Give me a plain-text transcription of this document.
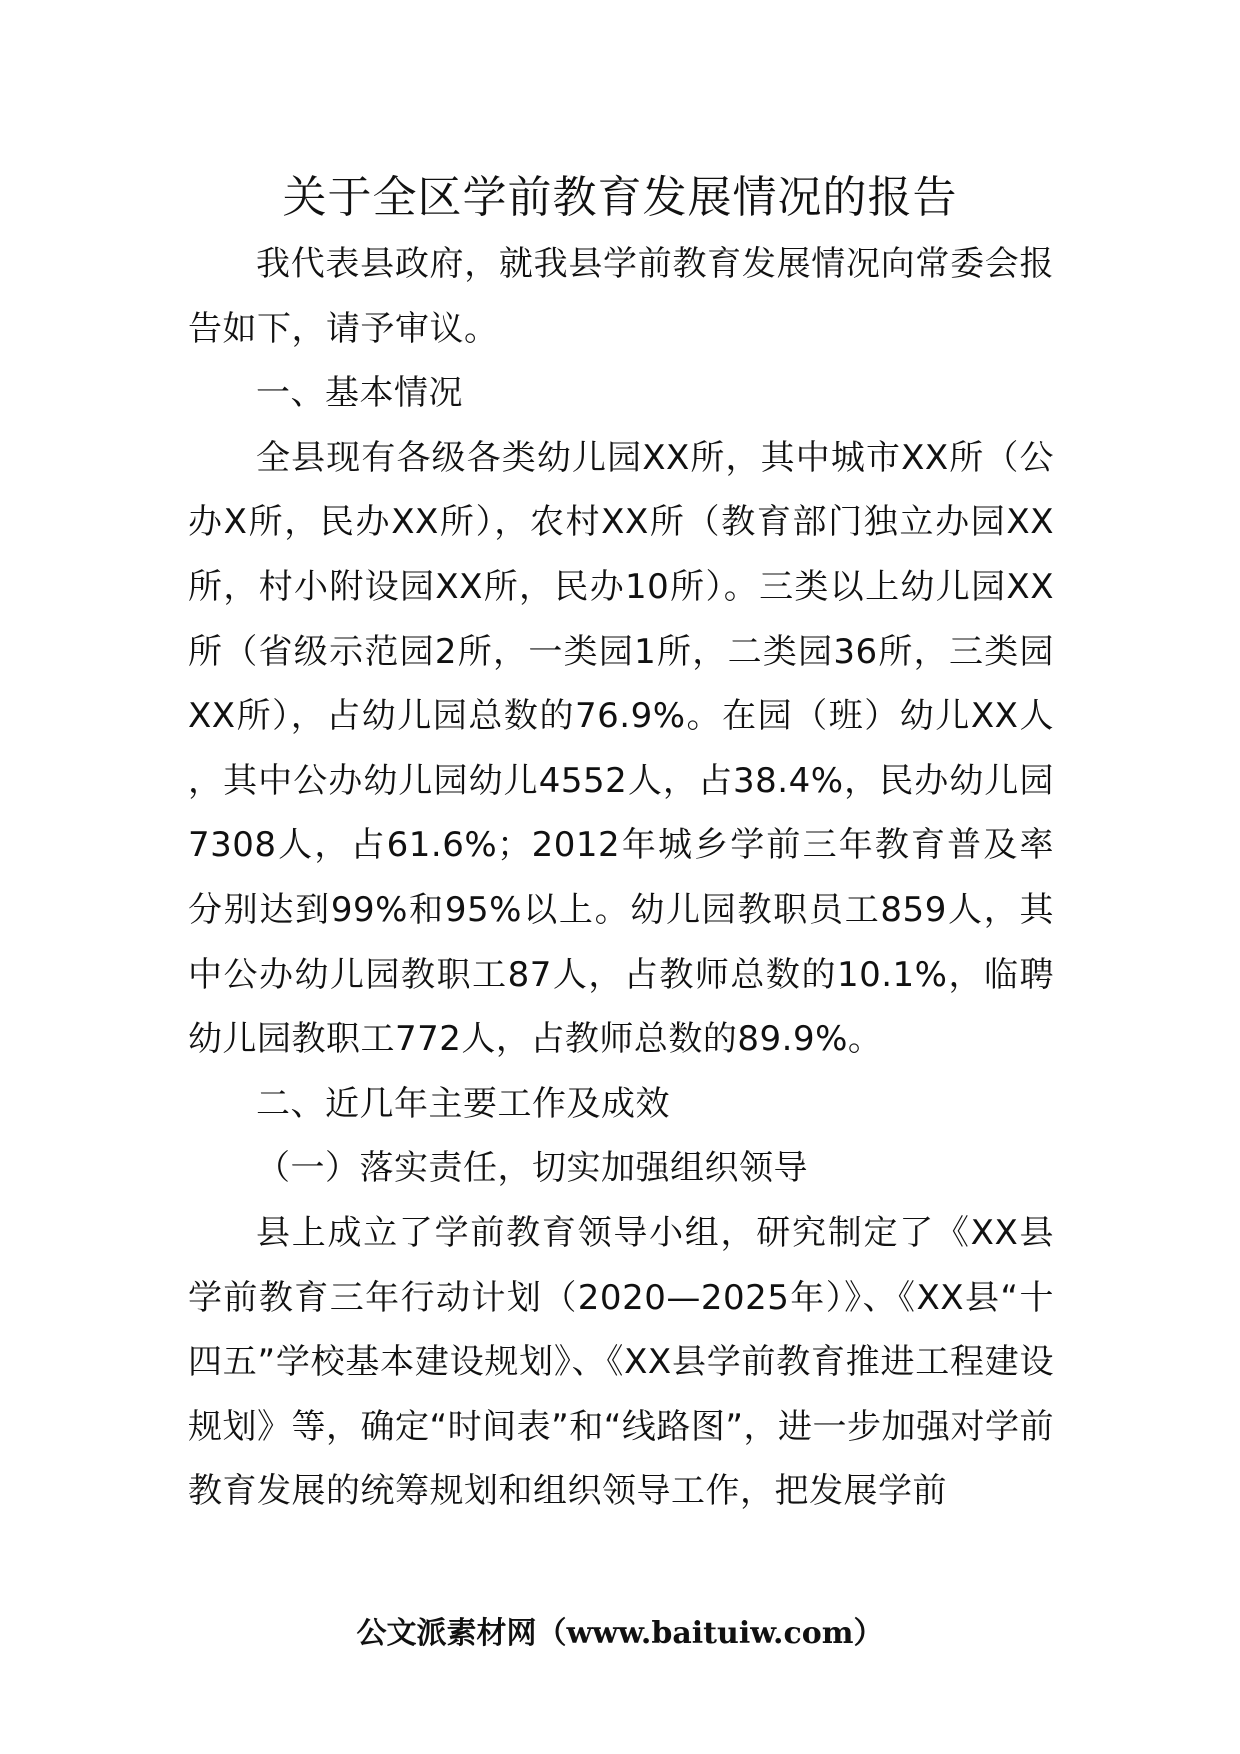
关于全区学前教育发展情况的报告

我代表县政府，就我县学前教育发展情况向常委会报告如下，请予审议。

一、基本情况

全县现有各级各类幼儿园XX所，其中城市XX所（公办X所，民办XX所），农村XX所（教育部门独立办园XX所，村小附设园XX所，民办10所）。三类以上幼儿园XX所（省级示范园2所，一类园1所，二类园36所，三类园XX所），占幼儿园总数的76.9%。在园（班）幼儿XX人，其中公办幼儿园幼儿4552人，占38.4%，民办幼儿园7308人，占61.6%；2012年城乡学前三年教育普及率分别达到99%和95%以上。幼儿园教职员工859人，其中公办幼儿园教职工87人，占教师总数的10.1%，临聘幼儿园教职工772人，占教师总数的89.9%。

二、近几年主要工作及成效

（一）落实责任，切实加强组织领导

县上成立了学前教育领导小组，研究制定了《XX县学前教育三年行动计划（2020—2025年）》、《XX县“十四五”学校基本建设规划》、《XX县学前教育推进工程建设规划》等，确定“时间表”和“线路图”，进一步加强对学前教育发展的统筹规划和组织领导工作，把发展学前

公文派素材网（www.baituiw.com）
